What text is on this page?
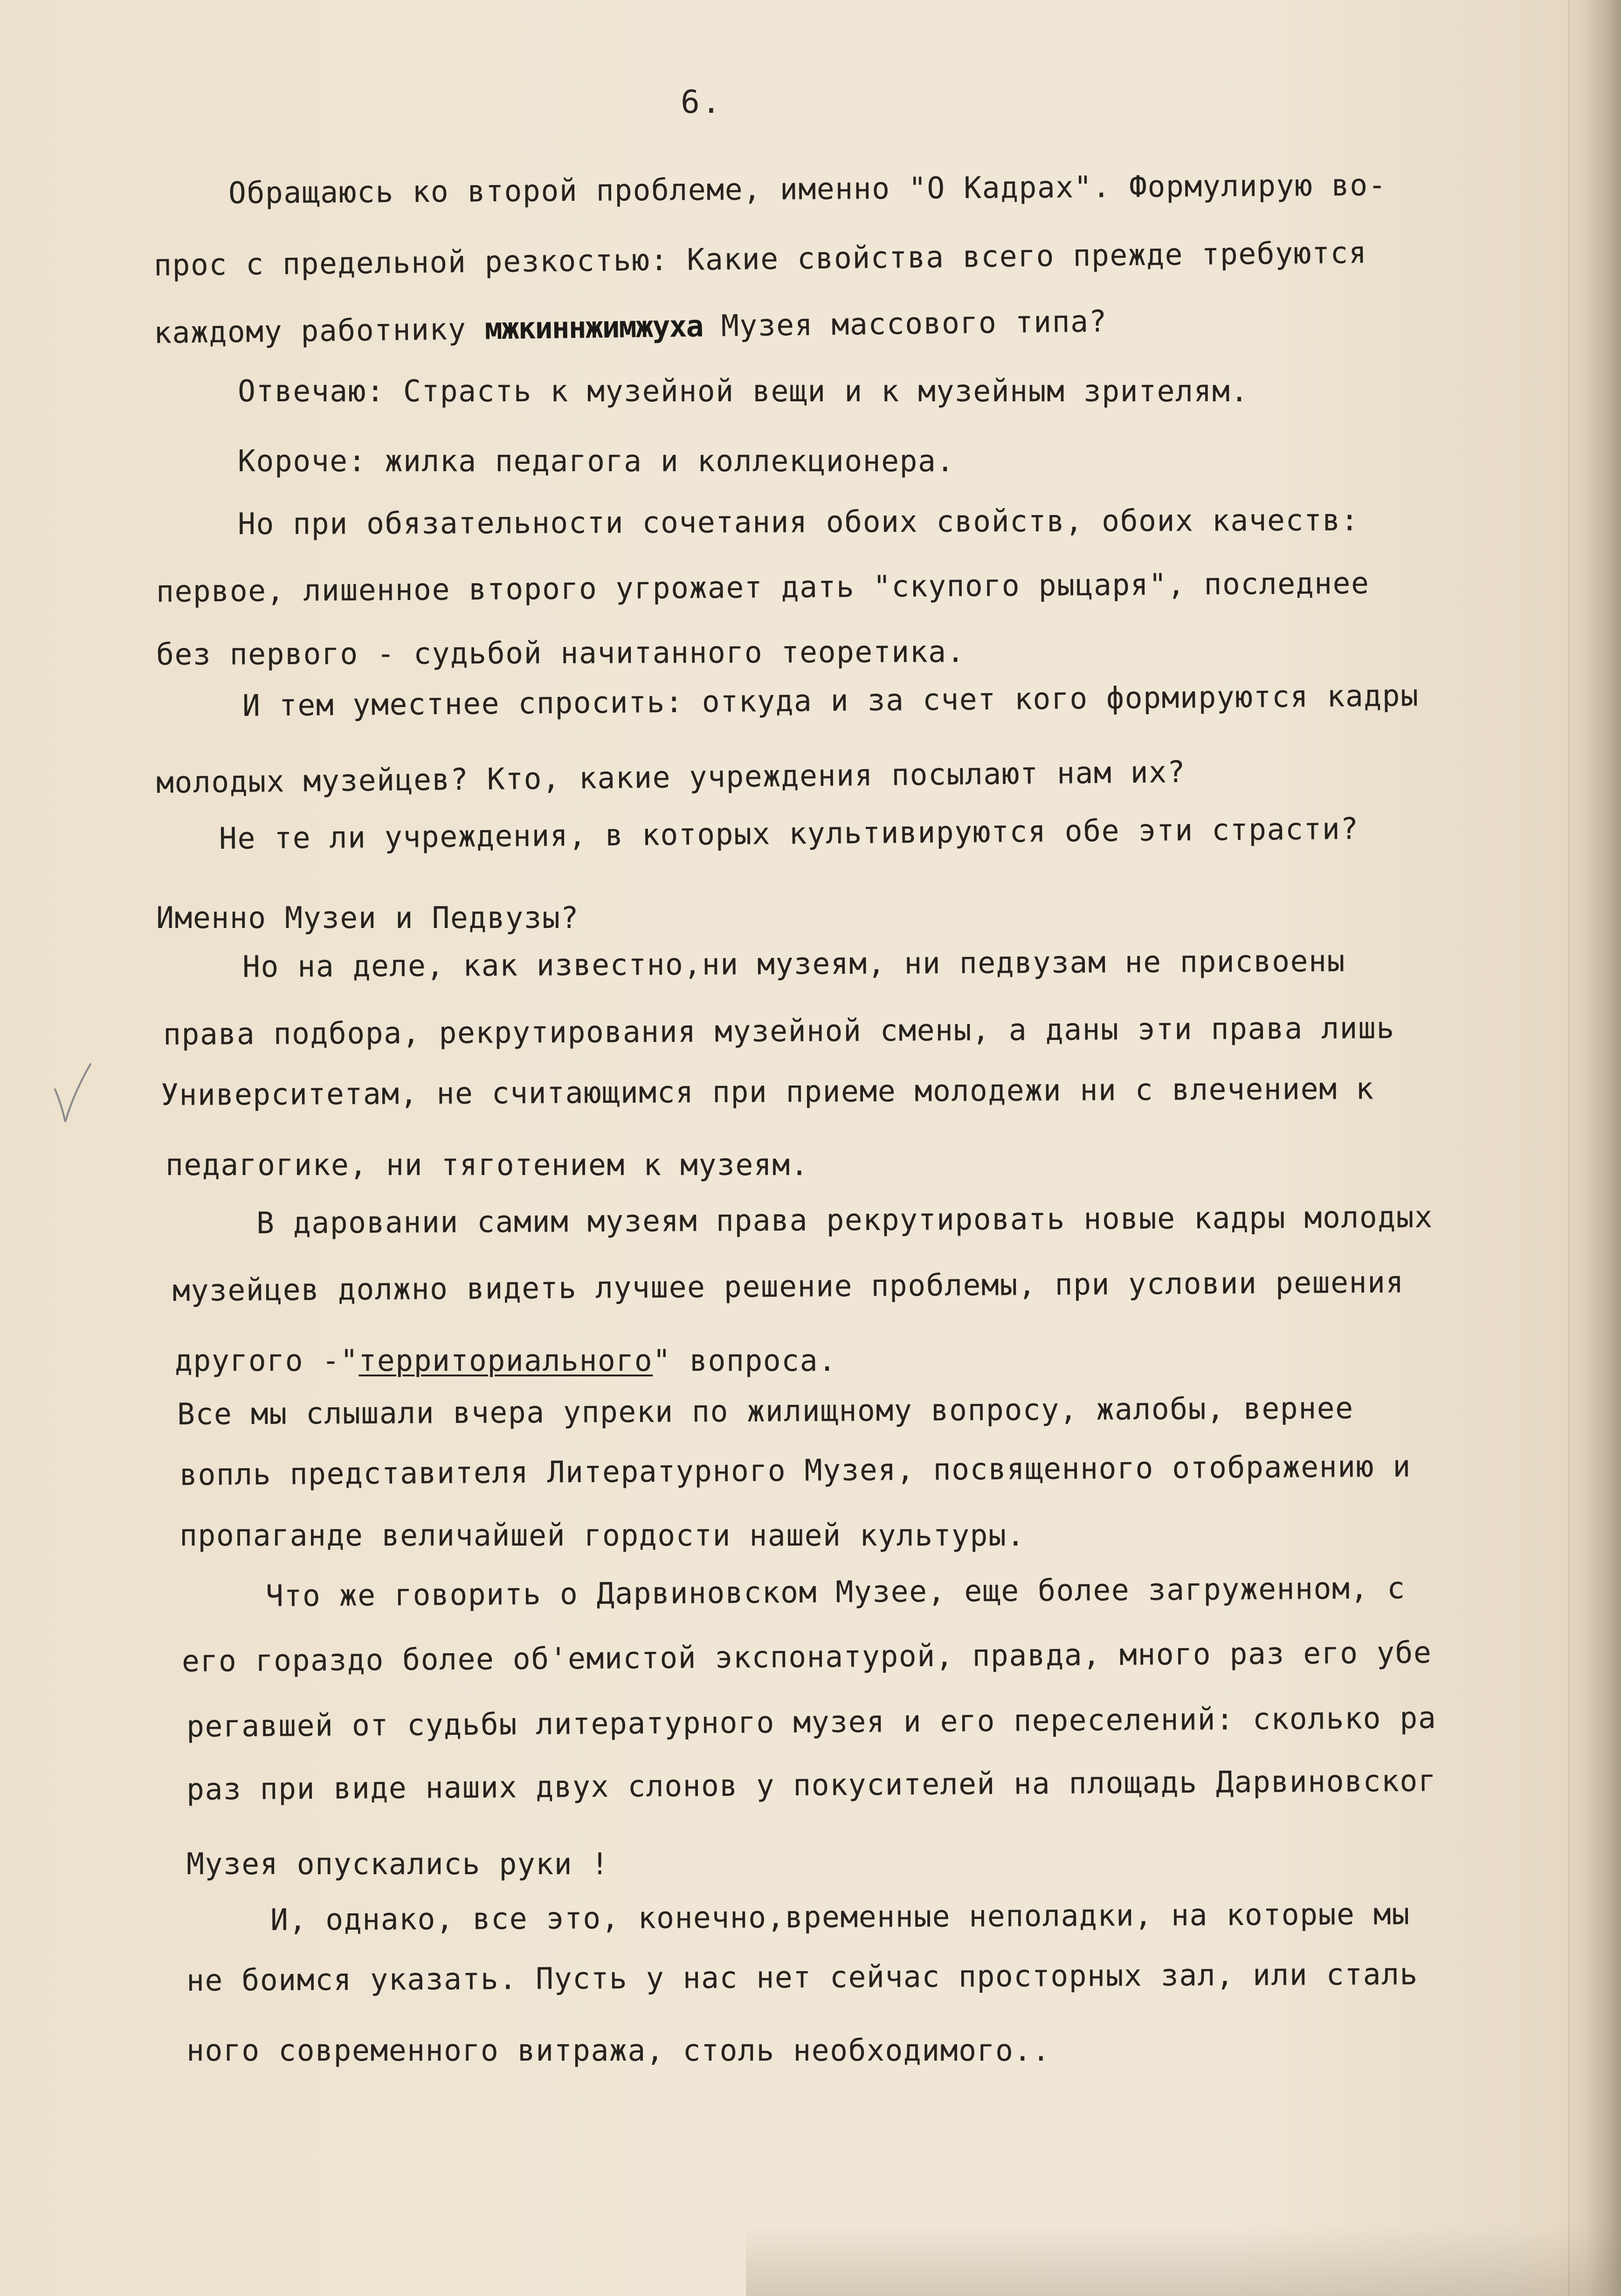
6.
Обращаюсь ко второй проблеме, именно "О Кадрах". Формулирую во-
прос с предельной резкостью: Какие свойства всего прежде требуются
каждому работнику мжкиннжимжуxa Музея массового типа?
Отвечаю: Страсть к музейной вещи и к музейным зрителям.
Короче: жилка педагога и коллекционера.
Но при обязательности сочетания обоих свойств, обоих качеств:
первое, лишенное второго угрожает дать "скупого рыцаря", последнее
без первого - судьбой начитанного теоретика.
И тем уместнее спросить: откуда и за счет кого формируются кадры
молодых музейцев? Кто, какие учреждения посылают нам их?
Не те ли учреждения, в которых культивируются обе эти страсти?
Именно Музеи и Педвузы?
Но на деле, как известно,ни музеям, ни педвузам не присвоены
права подбора, рекрутирования музейной смены, а даны эти права лишь
Университетам, не считающимся при приеме молодежи ни с влечением к
педагогике, ни тяготением к музеям.
В даровании самим музеям права рекрутировать новые кадры молодых
музейцев должно видеть лучшее решение проблемы, при условии решения
другого -"территориального" вопроса.
Все мы слышали вчера упреки по жилищному вопросу, жалобы, вернее
вопль представителя Литературного Музея, посвященного отображению и
пропаганде величайшей гордости нашей культуры.
Что же говорить о Дарвиновском Музее, еще более загруженном, с
его гораздо более об'емистой экспонатурой, правда, много раз его убе
регавшей от судьбы литературного музея и его переселений: сколько ра
раз при виде наших двух слонов у покусителей на площадь Дарвиновског
Музея опускались руки !
И, однако, все это, конечно,временные неполадки, на которые мы
не боимся указать. Пусть у нас нет сейчас просторных зал, или сталь
ного современного витража, столь необходимого..
